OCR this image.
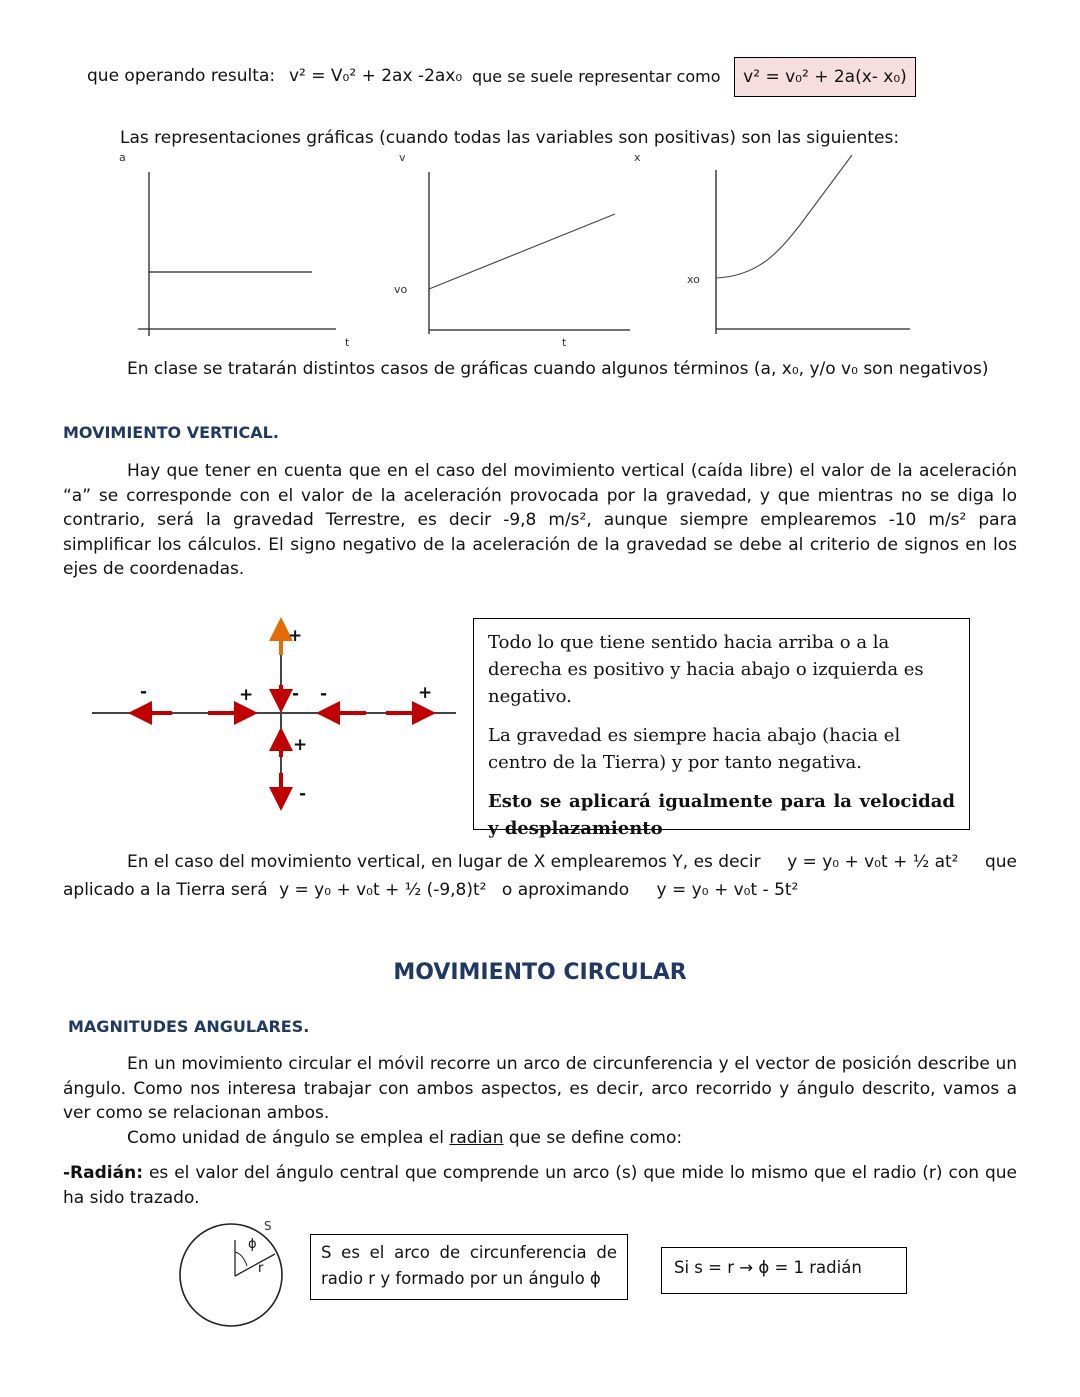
que operando resulta: v² = V₀² + 2ax -2ax₀ que se suele representar como	v² = v₀² + 2a(x- x₀)
Las representaciones gráficas (cuando todas las variables son positivas) son las siguientes:
a	v	x
t	t
vo
xo
En clase se tratarán distintos casos de gráficas cuando algunos términos (a, x₀, y/o v₀ son negativos)
MOVIMIENTO VERTICAL.
Hay que tener en cuenta que en el caso del movimiento vertical (caída libre) el valor de la aceleración “a” se corresponde con el valor de la aceleración provocada por la gravedad, y que mientras no se diga lo contrario, será la gravedad Terrestre, es decir -9,8 m/s², aunque siempre emplearemos -10 m/s² para simplificar los cálculos. El signo negativo de la aceleración de la gravedad se debe al criterio de signos en los ejes de coordenadas.
-	+ - -	+
+
+
-

Todo lo que tiene sentido hacia arriba o a la derecha es positivo y hacia abajo o izquierda es negativo.

La gravedad es siempre hacia abajo (hacia el centro de la Tierra) y por tanto negativa.

Esto se aplicará igualmente para la velocidad y desplazamiento

En el caso del movimiento vertical, en lugar de X emplearemos Y, es decir y = y₀ + v₀t + ½ at² que
aplicado a la Tierra será y = y₀ + v₀t + ½ (-9,8)t² o aproximando y = y₀ + v₀t - 5t²
MOVIMIENTO CIRCULAR
MAGNITUDES ANGULARES.
En un movimiento circular el móvil recorre un arco de circunferencia y el vector de posición describe un ángulo. Como nos interesa trabajar con ambos aspectos, es decir, arco recorrido y ángulo descrito, vamos a ver como se relacionan ambos.
Como unidad de ángulo se emplea el radian que se define como:
-Radián: es el valor del ángulo central que comprende un arco (s) que mide lo mismo que el radio (r) con que ha sido trazado.
S
ϕ
r
S es el arco de circunferencia de radio r y formado por un ángulo ϕ
Si s = r → ϕ = 1 radián
